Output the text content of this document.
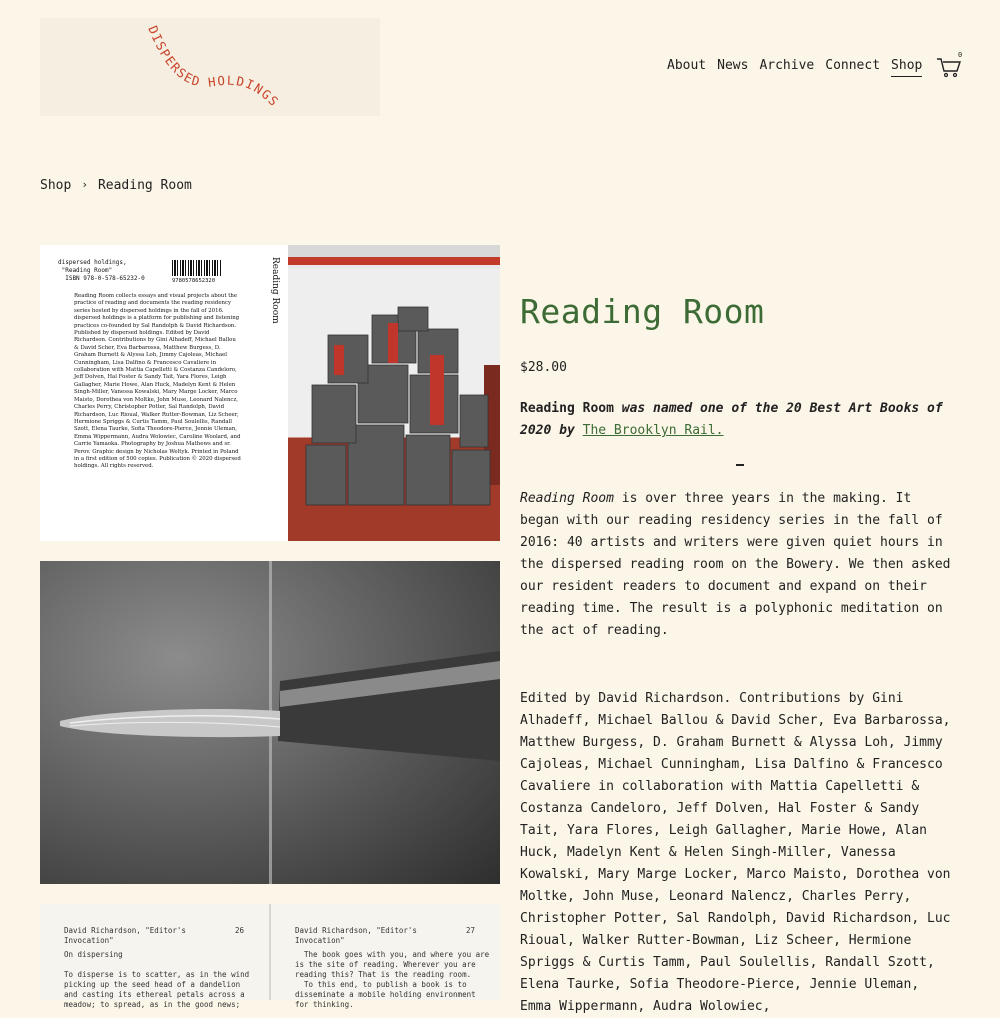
DISPERSED HOLDINGS
About News Archive Connect Shop
0
Shop › Reading Room
dispersed holdings,
"Reading Room"
ISBN 978-0-578-65232-0	9780578652320
Reading Room collects essays and visual projects about the practice of reading and documents the reading residency series hosted by dispersed holdings in the fall of 2016. dispersed holdings is a platform for publishing and listening practices co-founded by Sal Randolph & David Richardson. Published by dispersed holdings. Edited by David Richardson. Contributions by Gini Alhadeff, Michael Ballou & David Scher, Eva Barbarossa, Matthew Burgess, D. Graham Burnett & Alyssa Loh, Jimmy Cajoleas, Michael Cunningham, Lisa Dalfino & Francesco Cavaliere in collaboration with Mattia Capelletti & Costanza Candeloro, Jeff Dolven, Hal Foster & Sandy Tait, Yara Flores, Leigh Gallagher, Marie Howe, Alan Huck, Madelyn Kent & Helen Singh-Miller, Vanessa Kowalski, Mary Marge Locker, Marco Maisto, Dorothea von Moltke, John Muse, Leonard Nalencz, Charles Perry, Christopher Potter, Sal Randolph, David Richardson, Luc Rioual, Walker Rutter-Bowman, Liz Scheer, Hermione Spriggs & Curtis Tamm, Paul Soulellis, Randall Szott, Elena Taurke, Sofia Theodore-Pierce, Jennie Uleman, Emma Wippermann, Audra Wolowiec, Caroline Woolard, and Carrie Yamaoka. Photography by Joshua Mathews and sr. Perov. Graphic design by Nicholas Weltyk. Printed in Poland in a first edition of 500 copies. Publication © 2020 dispersed holdings. All rights reserved.
Reading Room
David Richardson, "Editor's Invocation"
26
On dispersing

To disperse is to scatter, as in the wind
picking up the seed head of a dandelion
and casting its ethereal petals across a
meadow; to spread, as in the good news;
David Richardson, "Editor's Invocation"
27
The book goes with you, and where you are
is the site of reading. Wherever you are
reading this? That is the reading room.
To this end, to publish a book is to
disseminate a mobile holding environment
for thinking.
Reading Room
$28.00
Reading Room was named one of the 20 Best Art Books of 2020 by The Brooklyn Rail.

Reading Room is over three years in the making. It began with our reading residency series in the fall of 2016: 40 artists and writers were given quiet hours in the dispersed reading room on the Bowery. We then asked our resident readers to document and expand on their reading time. The result is a polyphonic meditation on the act of reading.

Edited by David Richardson. Contributions by Gini Alhadeff, Michael Ballou & David Scher, Eva Barbarossa, Matthew Burgess, D. Graham Burnett & Alyssa Loh, Jimmy Cajoleas, Michael Cunningham, Lisa Dalfino & Francesco Cavaliere in collaboration with Mattia Capelletti & Costanza Candeloro, Jeff Dolven, Hal Foster & Sandy Tait, Yara Flores, Leigh Gallagher, Marie Howe, Alan Huck, Madelyn Kent & Helen Singh-Miller, Vanessa Kowalski, Mary Marge Locker, Marco Maisto, Dorothea von Moltke, John Muse, Leonard Nalencz, Charles Perry, Christopher Potter, Sal Randolph, David Richardson, Luc Rioual, Walker Rutter-Bowman, Liz Scheer, Hermione Spriggs & Curtis Tamm, Paul Soulellis, Randall Szott, Elena Taurke, Sofia Theodore-Pierce, Jennie Uleman, Emma Wippermann, Audra Wolowiec,
